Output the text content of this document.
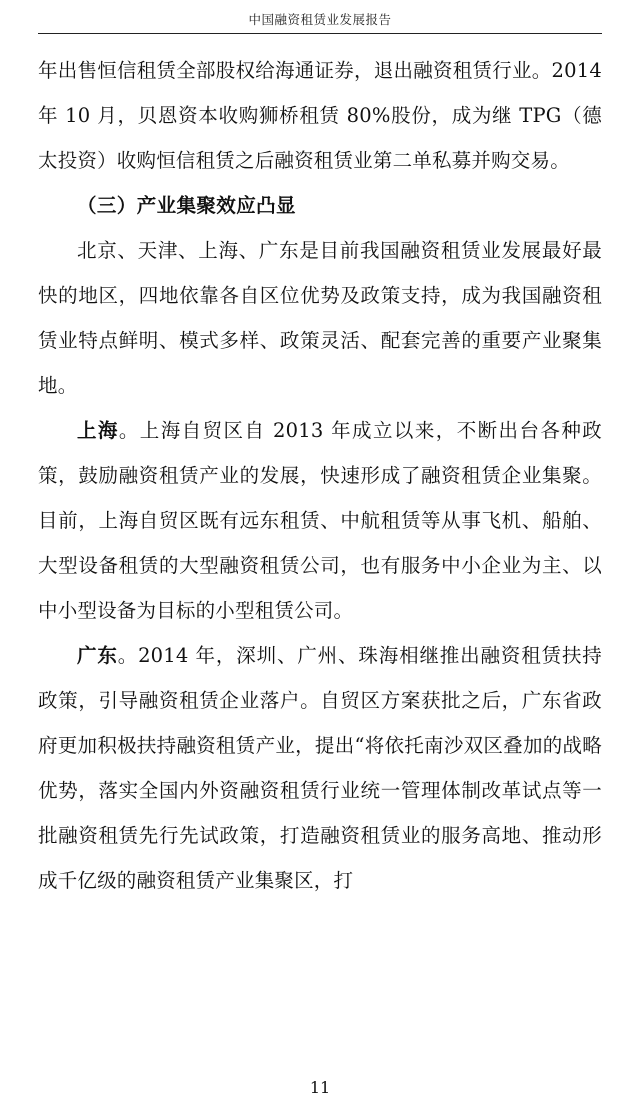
中国融资租赁业发展报告

年出售恒信租赁全部股权给海通证券，退出融资租赁行业。2014 年 10 月，贝恩资本收购狮桥租赁 80%股份，成为继 TPG（德太投资）收购恒信租赁之后融资租赁业第二单私募并购交易。

（三）产业集聚效应凸显

北京、天津、上海、广东是目前我国融资租赁业发展最好最快的地区，四地依靠各自区位优势及政策支持，成为我国融资租赁业特点鲜明、模式多样、政策灵活、配套完善的重要产业聚集地。

上海。上海自贸区自 2013 年成立以来，不断出台各种政策，鼓励融资租赁产业的发展，快速形成了融资租赁企业集聚。目前，上海自贸区既有远东租赁、中航租赁等从事飞机、船舶、大型设备租赁的大型融资租赁公司，也有服务中小企业为主、以中小型设备为目标的小型租赁公司。

广东。2014 年，深圳、广州、珠海相继推出融资租赁扶持政策，引导融资租赁企业落户。自贸区方案获批之后，广东省政府更加积极扶持融资租赁产业，提出“将依托南沙双区叠加的战略优势，落实全国内外资融资租赁行业统一管理体制改革试点等一批融资租赁先行先试政策，打造融资租赁业的服务高地、推动形成千亿级的融资租赁产业集聚区，打

11
